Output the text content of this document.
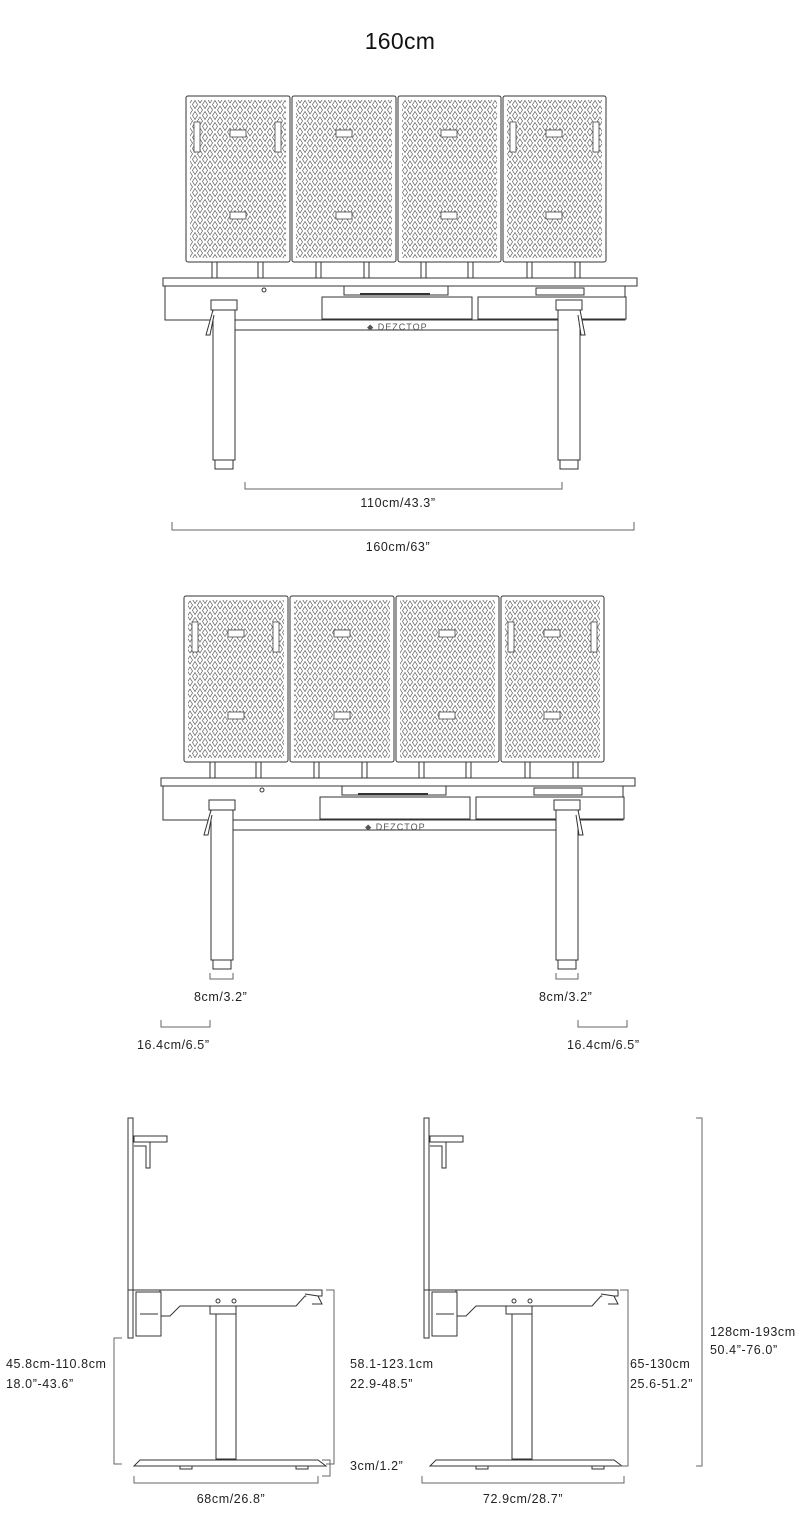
160cm
⬥ DEZCTOP
⬥ DEZCTOP
110cm/43.3”
160cm/63”
8cm/3.2”	8cm/3.2”
16.4cm/6.5”	16.4cm/6.5”
45.8cm-110.8cm
18.0”-43.6”
58.1-123.1cm
22.9-48.5”
3cm/1.2”
68cm/26.8”
65-130cm
25.6-51.2”
128cm-193cm
50.4”-76.0”
72.9cm/28.7”
